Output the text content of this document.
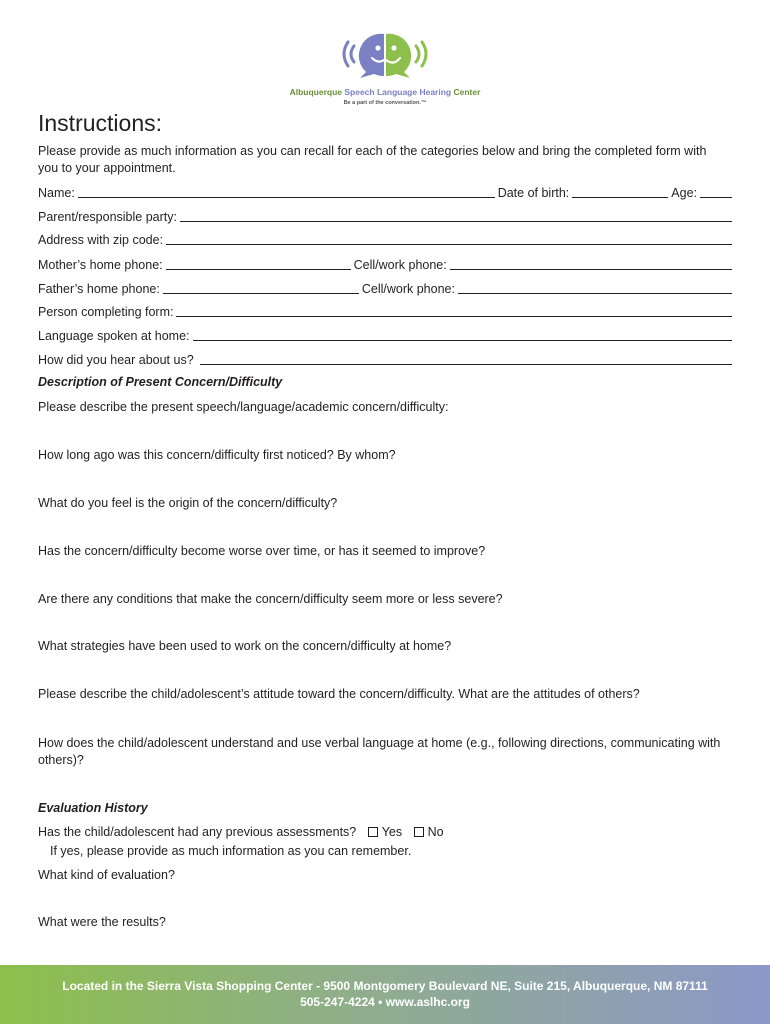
Albuquerque Speech Language Hearing Center
Be a part of the conversation.™
Instructions:
Please provide as much information as you can recall for each of the categories below and bring the completed form with you to your appointment.
Name:	Date of birth:	Age:
Parent/responsible party:
Address with zip code:
Mother’s home phone:	Cell/work phone:
Father’s home phone:	Cell/work phone:
Person completing form:
Language spoken at home:
How did you hear about us?
Description of Present Concern/Difficulty
Please describe the present speech/language/academic concern/difficulty:
How long ago was this concern/difficulty first noticed? By whom?
What do you feel is the origin of the concern/difficulty?
Has the concern/difficulty become worse over time, or has it seemed to improve?
Are there any conditions that make the concern/difficulty seem more or less severe?
What strategies have been used to work on the concern/difficulty at home?
Please describe the child/adolescent’s attitude toward the concern/difficulty. What are the attitudes of others?
How does the child/adolescent understand and use verbal language at home (e.g., following directions, communicating with others)?
Evaluation History
Has the child/adolescent had any previous assessments? Yes No
If yes, please provide as much information as you can remember.
What kind of evaluation?
What were the results?
Located in the Sierra Vista Shopping Center - 9500 Montgomery Boulevard NE, Suite 215, Albuquerque, NM 87111
505-247-4224 • www.aslhc.org
